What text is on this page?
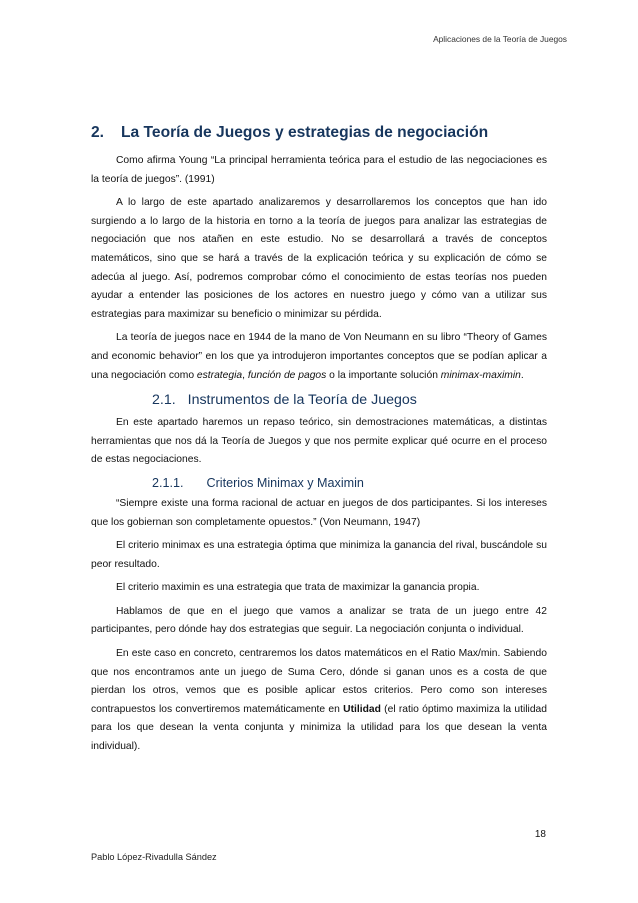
Aplicaciones de la Teoría de Juegos
2.	La Teoría de Juegos y estrategias de negociación

Como afirma Young “La principal herramienta teórica para el estudio de las negociaciones es la teoría de juegos”. (1991)

A lo largo de este apartado analizaremos y desarrollaremos los conceptos que han ido surgiendo a lo largo de la historia en torno a la teoría de juegos para analizar las estrategias de negociación que nos atañen en este estudio. No se desarrollará a través de conceptos matemáticos, sino que se hará a través de la explicación teórica y su explicación de cómo se adecúa al juego. Así, podremos comprobar cómo el conocimiento de estas teorías nos pueden ayudar a entender las posiciones de los actores en nuestro juego y cómo van a utilizar sus estrategias para maximizar su beneficio o minimizar su pérdida.

La teoría de juegos nace en 1944 de la mano de Von Neumann en su libro “Theory of Games and economic behavior” en los que ya introdujeron importantes conceptos que se podían aplicar a una negociación como estrategia, función de pagos o la importante solución minimax-maximin.

2.1. Instrumentos de la Teoría de Juegos

En este apartado haremos un repaso teórico, sin demostraciones matemáticas, a distintas herramientas que nos dá la Teoría de Juegos y que nos permite explicar qué ocurre en el proceso de estas negociaciones.

2.1.1. Criterios Minimax y Maximin

“Siempre existe una forma racional de actuar en juegos de dos participantes. Si los intereses que los gobiernan son completamente opuestos.” (Von Neumann, 1947)

El criterio minimax es una estrategia óptima que minimiza la ganancia del rival, buscándole su peor resultado.

El criterio maximin es una estrategia que trata de maximizar la ganancia propia.

Hablamos de que en el juego que vamos a analizar se trata de un juego entre 42 participantes, pero dónde hay dos estrategias que seguir. La negociación conjunta o individual.

En este caso en concreto, centraremos los datos matemáticos en el Ratio Max/min. Sabiendo que nos encontramos ante un juego de Suma Cero, dónde si ganan unos es a costa de que pierdan los otros, vemos que es posible aplicar estos criterios. Pero como son intereses contrapuestos los convertiremos matemáticamente en Utilidad (el ratio óptimo maximiza la utilidad para los que desean la venta conjunta y minimiza la utilidad para los que desean la venta individual).

18
Pablo López-Rivadulla Sández
